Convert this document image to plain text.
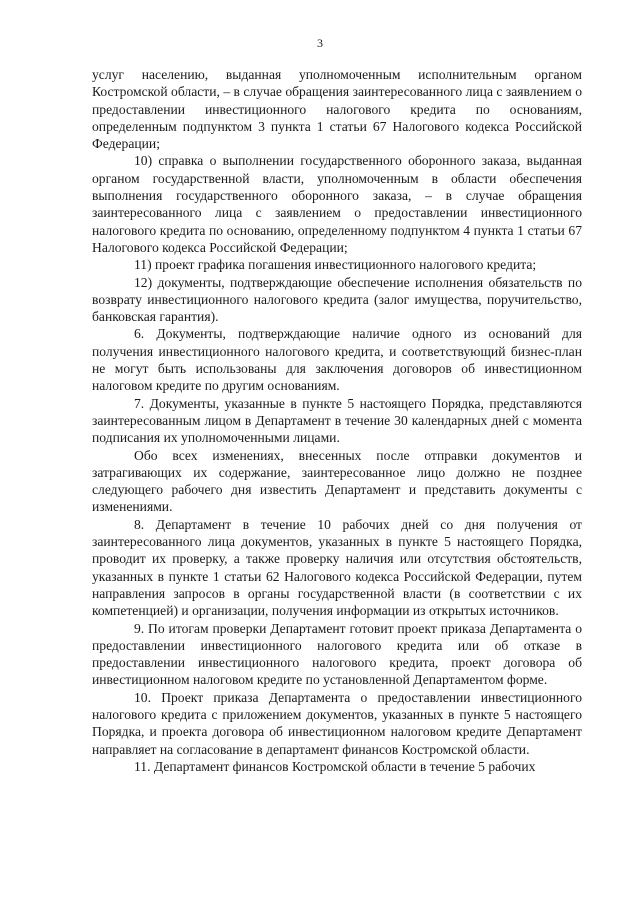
3

услуг населению, выданная уполномоченным исполнительным органом Костромской области, – в случае обращения заинтересованного лица с заявлением о предоставлении инвестиционного налогового кредита по основаниям, определенным подпунктом 3 пункта 1 статьи 67 Налогового кодекса Российской Федерации;

10) справка о выполнении государственного оборонного заказа, выданная органом государственной власти, уполномоченным в области обеспечения выполнения государственного оборонного заказа, – в случае обращения заинтересованного лица с заявлением о предоставлении инвестиционного налогового кредита по основанию, определенному подпунктом 4 пункта 1 статьи 67 Налогового кодекса Российской Федерации;

11) проект графика погашения инвестиционного налогового кредита;

12) документы, подтверждающие обеспечение исполнения обязательств по возврату инвестиционного налогового кредита (залог имущества, поручительство, банковская гарантия).

6. Документы, подтверждающие наличие одного из оснований для получения инвестиционного налогового кредита, и соответствующий бизнес-план не могут быть использованы для заключения договоров об инвестиционном налоговом кредите по другим основаниям.

7. Документы, указанные в пункте 5 настоящего Порядка, представляются заинтересованным лицом в Департамент в течение 30 календарных дней с момента подписания их уполномоченными лицами.

Обо всех изменениях, внесенных после отправки документов и затрагивающих их содержание, заинтересованное лицо должно не позднее следующего рабочего дня известить Департамент и представить документы с изменениями.

8. Департамент в течение 10 рабочих дней со дня получения от заинтересованного лица документов, указанных в пункте 5 настоящего Порядка, проводит их проверку, а также проверку наличия или отсутствия обстоятельств, указанных в пункте 1 статьи 62 Налогового кодекса Российской Федерации, путем направления запросов в органы государственной власти (в соответствии с их компетенцией) и организации, получения информации из открытых источников.

9. По итогам проверки Департамент готовит проект приказа Департамента о предоставлении инвестиционного налогового кредита или об отказе в предоставлении инвестиционного налогового кредита, проект договора об инвестиционном налоговом кредите по установленной Департаментом форме.

10. Проект приказа Департамента о предоставлении инвестиционного налогового кредита с приложением документов, указанных в пункте 5 настоящего Порядка, и проекта договора об инвестиционном налоговом кредите Департамент направляет на согласование в департамент финансов Костромской области.

11. Департамент финансов Костромской области в течение 5 рабочих
